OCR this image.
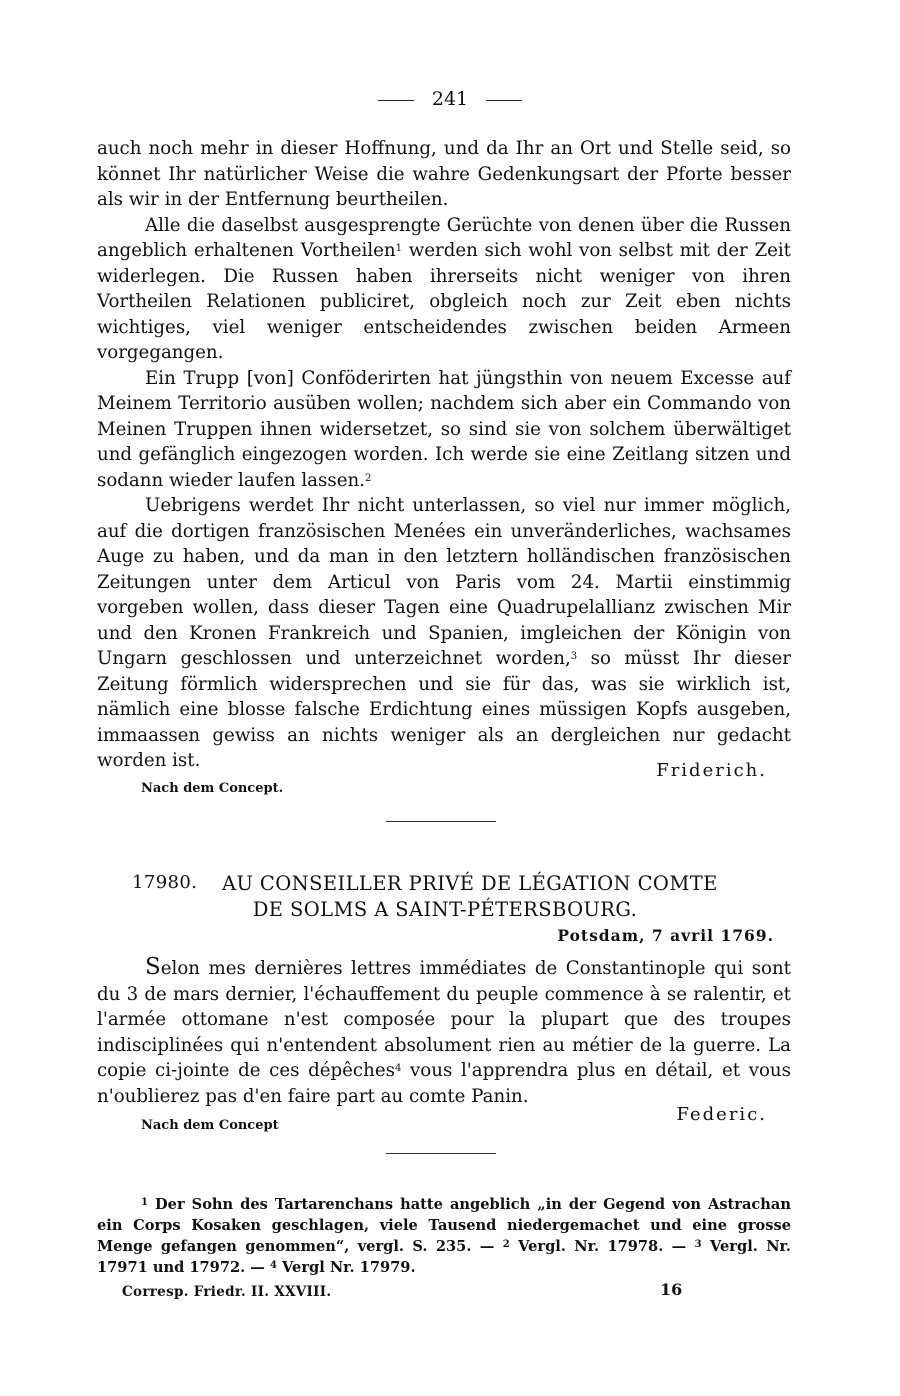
241

auch noch mehr in dieser Hoffnung, und da Ihr an Ort und Stelle seid, so könnet Ihr natürlicher Weise die wahre Gedenkungsart der Pforte besser als wir in der Entfernung beurtheilen.

Alle die daselbst ausgesprengte Gerüchte von denen über die Russen angeblich erhaltenen Vortheilen$^1$ werden sich wohl von selbst mit der Zeit widerlegen. Die Russen haben ihrerseits nicht weniger von ihren Vortheilen Relationen publiciret, obgleich noch zur Zeit eben nichts wichtiges, viel weniger entscheidendes zwischen beiden Armeen vorgegangen.

Ein Trupp [von] Conföderirten hat jüngsthin von neuem Excesse auf Meinem Territorio ausüben wollen; nachdem sich aber ein Commando von Meinen Truppen ihnen widersetzet, so sind sie von solchem überwältiget und gefänglich eingezogen worden. Ich werde sie eine Zeitlang sitzen und sodann wieder laufen lassen.$^2$

Uebrigens werdet Ihr nicht unterlassen, so viel nur immer möglich, auf die dortigen französischen Menées ein unveränderliches, wachsames Auge zu haben, und da man in den letztern holländischen französischen Zeitungen unter dem Articul von Paris vom 24. Martii einstimmig vorgeben wollen, dass dieser Tagen eine Quadrupelallianz zwischen Mir und den Kronen Frankreich und Spanien, imgleichen der Königin von Ungarn geschlossen und unterzeichnet worden,$^3$ so müsst Ihr dieser Zeitung förmlich widersprechen und sie für das, was sie wirklich ist, nämlich eine blosse falsche Erdichtung eines müssigen Kopfs ausgeben, immaassen gewiss an nichts weniger als an dergleichen nur gedacht worden ist.	Friderich.
Nach dem Concept.
17980. AU CONSEILLER PRIVÉ DE LÉGATION COMTE
DE SOLMS A SAINT-PÉTERSBOURG.
Potsdam, 7 avril 1769.

Selon mes dernières lettres immédiates de Constantinople qui sont du 3 de mars dernier, l'échauffement du peuple commence à se ralentir, et l'armée ottomane n'est composée pour la plupart que des troupes indisciplinées qui n'entendent absolument rien au métier de la guerre. La copie ci-jointe de ces dépêches$^4$ vous l'apprendra plus en détail, et vous n'oublierez pas d'en faire part au comte Panin.

Federic.
Nach dem Concept

$^1$ Der Sohn des Tartarenchans hatte angeblich „in der Gegend von Astrachan ein Corps Kosaken geschlagen, viele Tausend niedergemachet und eine grosse Menge gefangen genommen“, vergl. S. 235. — $^2$ Vergl. Nr. 17978. — $^3$ Vergl. Nr. 17971 und 17972. — $^4$ Vergl Nr. 17979.

Corresp. Friedr. II. XXVIII.	16
